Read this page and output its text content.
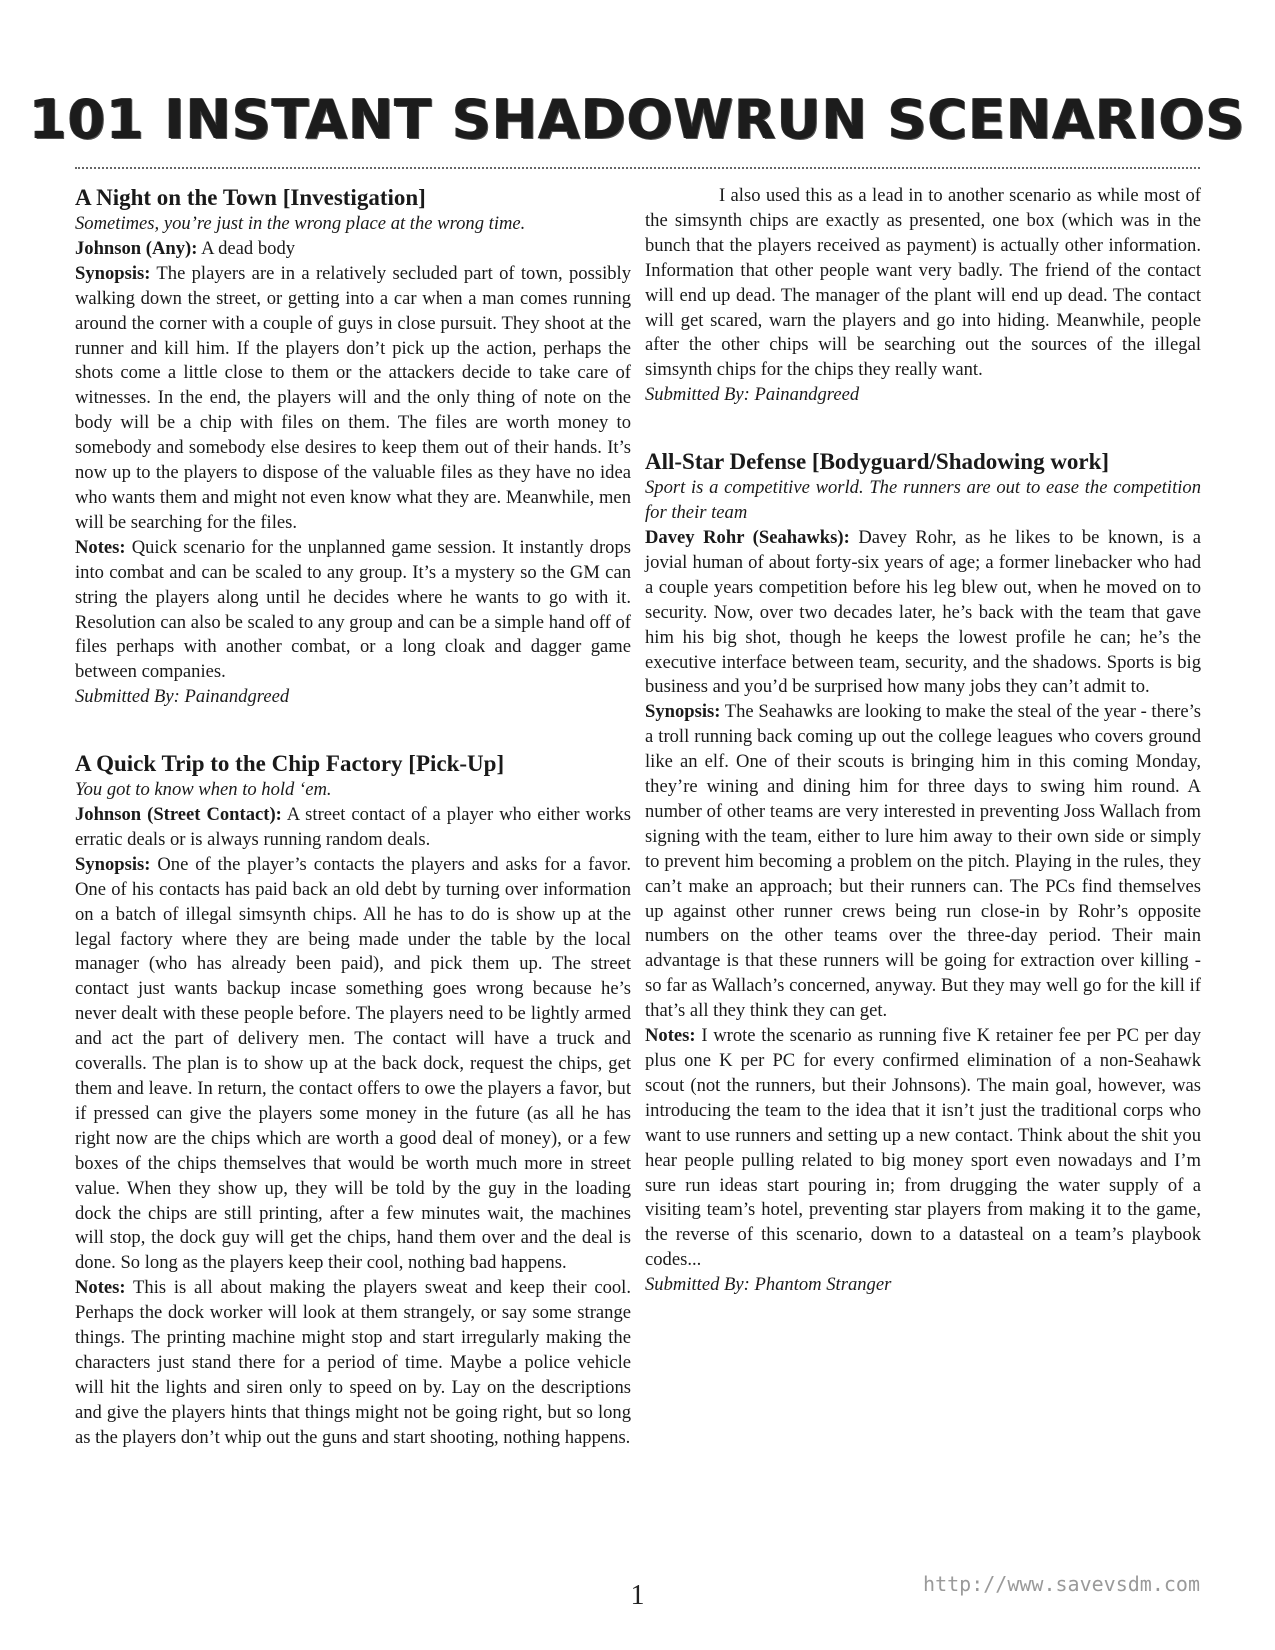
101 INSTANT SHADOWRUN SCENARIOS

A Night on the Town [Investigation]

Sometimes, you’re just in the wrong place at the wrong time.

Johnson (Any): A dead body

Synopsis: The players are in a relatively secluded part of town, possibly walking down the street, or getting into a car when a man comes running around the corner with a couple of guys in close pursuit. They shoot at the runner and kill him. If the players don’t pick up the action, perhaps the shots come a little close to them or the attackers decide to take care of witnesses. In the end, the players will and the only thing of note on the body will be a chip with files on them. The files are worth money to somebody and somebody else desires to keep them out of their hands. It’s now up to the players to dispose of the valuable files as they have no idea who wants them and might not even know what they are. Meanwhile, men will be searching for the files.

Notes: Quick scenario for the unplanned game session. It instantly drops into combat and can be scaled to any group. It’s a mystery so the GM can string the players along until he decides where he wants to go with it. Resolution can also be scaled to any group and can be a simple hand off of files perhaps with another combat, or a long cloak and dagger game between companies.

Submitted By: Painandgreed

A Quick Trip to the Chip Factory [Pick-Up]

You got to know when to hold ‘em.

Johnson (Street Contact): A street contact of a player who either works erratic deals or is always running random deals.

Synopsis: One of the player’s contacts the players and asks for a favor. One of his contacts has paid back an old debt by turning over information on a batch of illegal simsynth chips. All he has to do is show up at the legal factory where they are being made under the table by the local manager (who has already been paid), and pick them up. The street contact just wants backup incase something goes wrong because he’s never dealt with these people before. The players need to be lightly armed and act the part of delivery men. The contact will have a truck and coveralls. The plan is to show up at the back dock, request the chips, get them and leave. In return, the contact offers to owe the players a favor, but if pressed can give the players some money in the future (as all he has right now are the chips which are worth a good deal of money), or a few boxes of the chips themselves that would be worth much more in street value. When they show up, they will be told by the guy in the loading dock the chips are still printing, after a few minutes wait, the machines will stop, the dock guy will get the chips, hand them over and the deal is done. So long as the players keep their cool, nothing bad happens.

Notes: This is all about making the players sweat and keep their cool. Perhaps the dock worker will look at them strangely, or say some strange things. The printing machine might stop and start irregularly making the characters just stand there for a period of time. Maybe a police vehicle will hit the lights and siren only to speed on by. Lay on the descriptions and give the players hints that things might not be going right, but so long as the players don’t whip out the guns and start shooting, nothing happens.

I also used this as a lead in to another scenario as while most of the simsynth chips are exactly as presented, one box (which was in the bunch that the players received as payment) is actually other information. Information that other people want very badly. The friend of the contact will end up dead. The manager of the plant will end up dead. The contact will get scared, warn the players and go into hiding. Meanwhile, people after the other chips will be searching out the sources of the illegal simsynth chips for the chips they really want.

Submitted By: Painandgreed

All-Star Defense [Bodyguard/Shadowing work]

Sport is a competitive world. The runners are out to ease the competition for their team

Davey Rohr (Seahawks): Davey Rohr, as he likes to be known, is a jovial human of about forty-six years of age; a former linebacker who had a couple years competition before his leg blew out, when he moved on to security. Now, over two decades later, he’s back with the team that gave him his big shot, though he keeps the lowest profile he can; he’s the executive interface between team, security, and the shadows. Sports is big business and you’d be surprised how many jobs they can’t admit to.

Synopsis: The Seahawks are looking to make the steal of the year - there’s a troll running back coming up out the college leagues who covers ground like an elf. One of their scouts is bringing him in this coming Monday, they’re wining and dining him for three days to swing him round. A number of other teams are very interested in preventing Joss Wallach from signing with the team, either to lure him away to their own side or simply to prevent him becoming a problem on the pitch. Playing in the rules, they can’t make an approach; but their runners can. The PCs find themselves up against other runner crews being run close-in by Rohr’s opposite numbers on the other teams over the three-day period. Their main advantage is that these runners will be going for extraction over killing - so far as Wallach’s concerned, anyway. But they may well go for the kill if that’s all they think they can get.

Notes: I wrote the scenario as running five K retainer fee per PC per day plus one K per PC for every confirmed elimination of a non-Seahawk scout (not the runners, but their Johnsons). The main goal, however, was introducing the team to the idea that it isn’t just the traditional corps who want to use runners and setting up a new contact. Think about the shit you hear people pulling related to big money sport even nowadays and I’m sure run ideas start pouring in; from drugging the water supply of a visiting team’s hotel, preventing star players from making it to the game, the reverse of this scenario, down to a datasteal on a team’s playbook codes...

Submitted By: Phantom Stranger

1	http://www.savevsdm.com
